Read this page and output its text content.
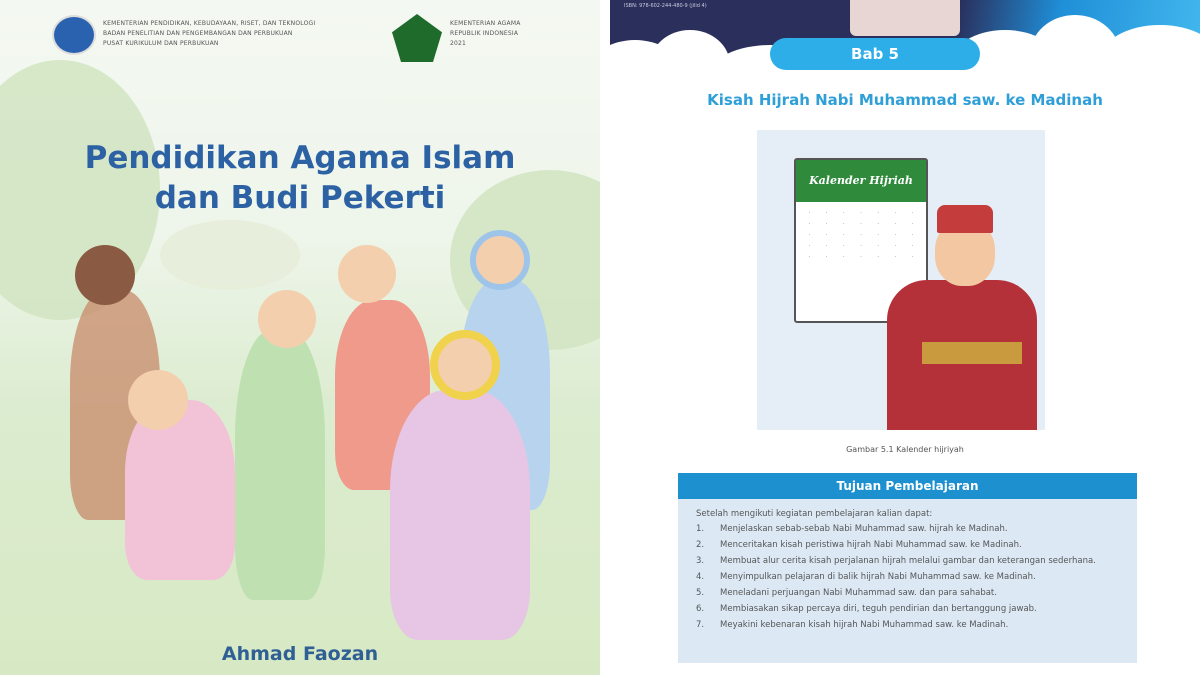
KEMENTERIAN PENDIDIKAN, KEBUDAYAAN, RISET, DAN TEKNOLOGI
BADAN PENELITIAN DAN PENGEMBANGAN DAN PERBUKUAN
PUSAT KURIKULUM DAN PERBUKUAN
KEMENTERIAN AGAMA
REPUBLIK INDONESIA
2021
Pendidikan Agama Islam
dan Budi Pekerti
Ahmad Faozan
ISBN: 978-602-244-480-9 (jilid 4)
Bab 5
Kisah Hijrah Nabi Muhammad saw. ke Madinah
Kalender Hijriah
·	·	·	·	·	·	·
·	·	·	·	·	·	·
·	·	·	·	·	·	·
·	·	·	·	·	·	·
·	·	·	·	·	·	·
Gambar 5.1 Kalender hijriyah
Tujuan Pembelajaran
Setelah mengikuti kegiatan pembelajaran kalian dapat:
1.	Menjelaskan sebab-sebab Nabi Muhammad saw. hijrah ke Madinah.
2.	Menceritakan kisah peristiwa hijrah Nabi Muhammad saw. ke Madinah.
3.	Membuat alur cerita kisah perjalanan hijrah melalui gambar dan keterangan sederhana.
4.	Menyimpulkan pelajaran di balik hijrah Nabi Muhammad saw. ke Madinah.
5.	Meneladani perjuangan Nabi Muhammad saw. dan para sahabat.
6.	Membiasakan sikap percaya diri, teguh pendirian dan bertanggung jawab.
7.	Meyakini kebenaran kisah hijrah Nabi Muhammad saw. ke Madinah.
